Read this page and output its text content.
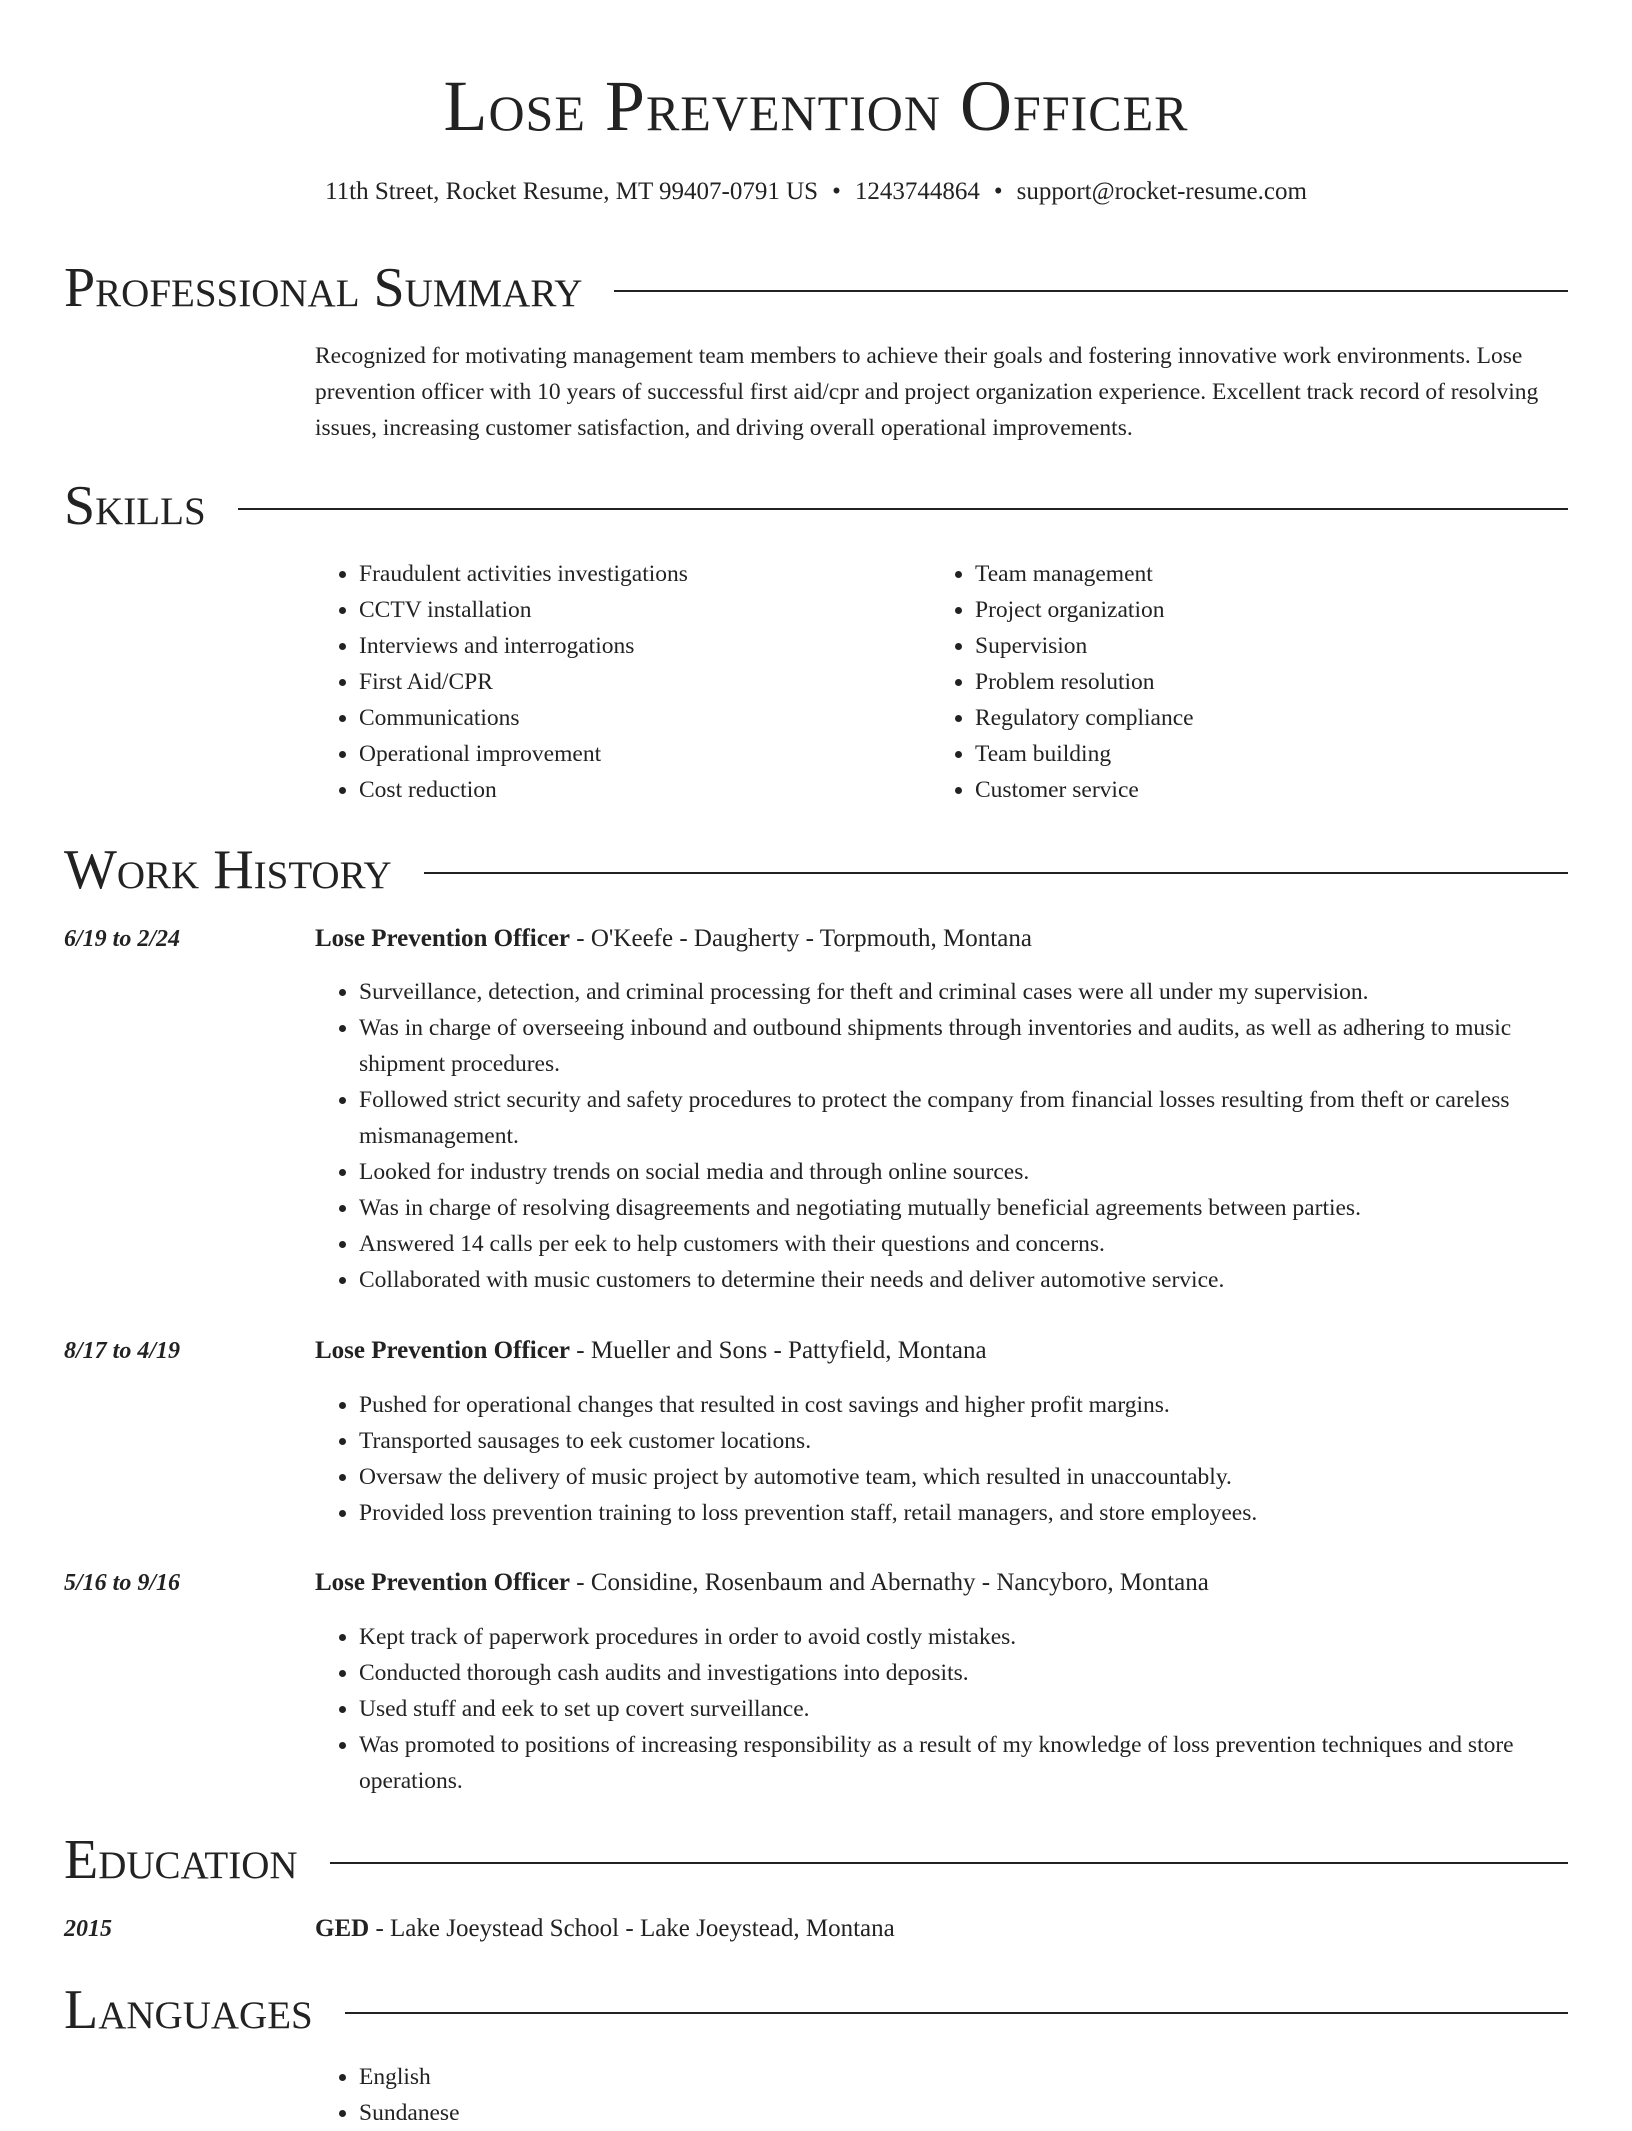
Lose Prevention Officer
11th Street, Rocket Resume, MT 99407-0791 US • 1243744864 • support@rocket-resume.com
Professional Summary

Recognized for motivating management team members to achieve their goals and fostering innovative work environments. Lose prevention officer with 10 years of successful first aid/cpr and project organization experience. Excellent track record of resolving issues, increasing customer satisfaction, and driving overall operational improvements.

Skills
• Fraudulent activities investigations
• CCTV installation
• Interviews and interrogations
• First Aid/CPR
• Communications
• Operational improvement
• Cost reduction
• Team management
• Project organization
• Supervision
• Problem resolution
• Regulatory compliance
• Team building
• Customer service
Work History
6/19 to 2/24	Lose Prevention Officer - O'Keefe - Daugherty - Torpmouth, Montana
• Surveillance, detection, and criminal processing for theft and criminal cases were all under my supervision.
• Was in charge of overseeing inbound and outbound shipments through inventories and audits, as well as adhering to music shipment procedures.
• Followed strict security and safety procedures to protect the company from financial losses resulting from theft or careless mismanagement.
• Looked for industry trends on social media and through online sources.
• Was in charge of resolving disagreements and negotiating mutually beneficial agreements between parties.
• Answered 14 calls per eek to help customers with their questions and concerns.
• Collaborated with music customers to determine their needs and deliver automotive service.
8/17 to 4/19	Lose Prevention Officer - Mueller and Sons - Pattyfield, Montana
• Pushed for operational changes that resulted in cost savings and higher profit margins.
• Transported sausages to eek customer locations.
• Oversaw the delivery of music project by automotive team, which resulted in unaccountably.
• Provided loss prevention training to loss prevention staff, retail managers, and store employees.
5/16 to 9/16	Lose Prevention Officer - Considine, Rosenbaum and Abernathy - Nancyboro, Montana
• Kept track of paperwork procedures in order to avoid costly mistakes.
• Conducted thorough cash audits and investigations into deposits.
• Used stuff and eek to set up covert surveillance.
• Was promoted to positions of increasing responsibility as a result of my knowledge of loss prevention techniques and store operations.
Education
2015	GED - Lake Joeystead School - Lake Joeystead, Montana
Languages
• English
• Sundanese
